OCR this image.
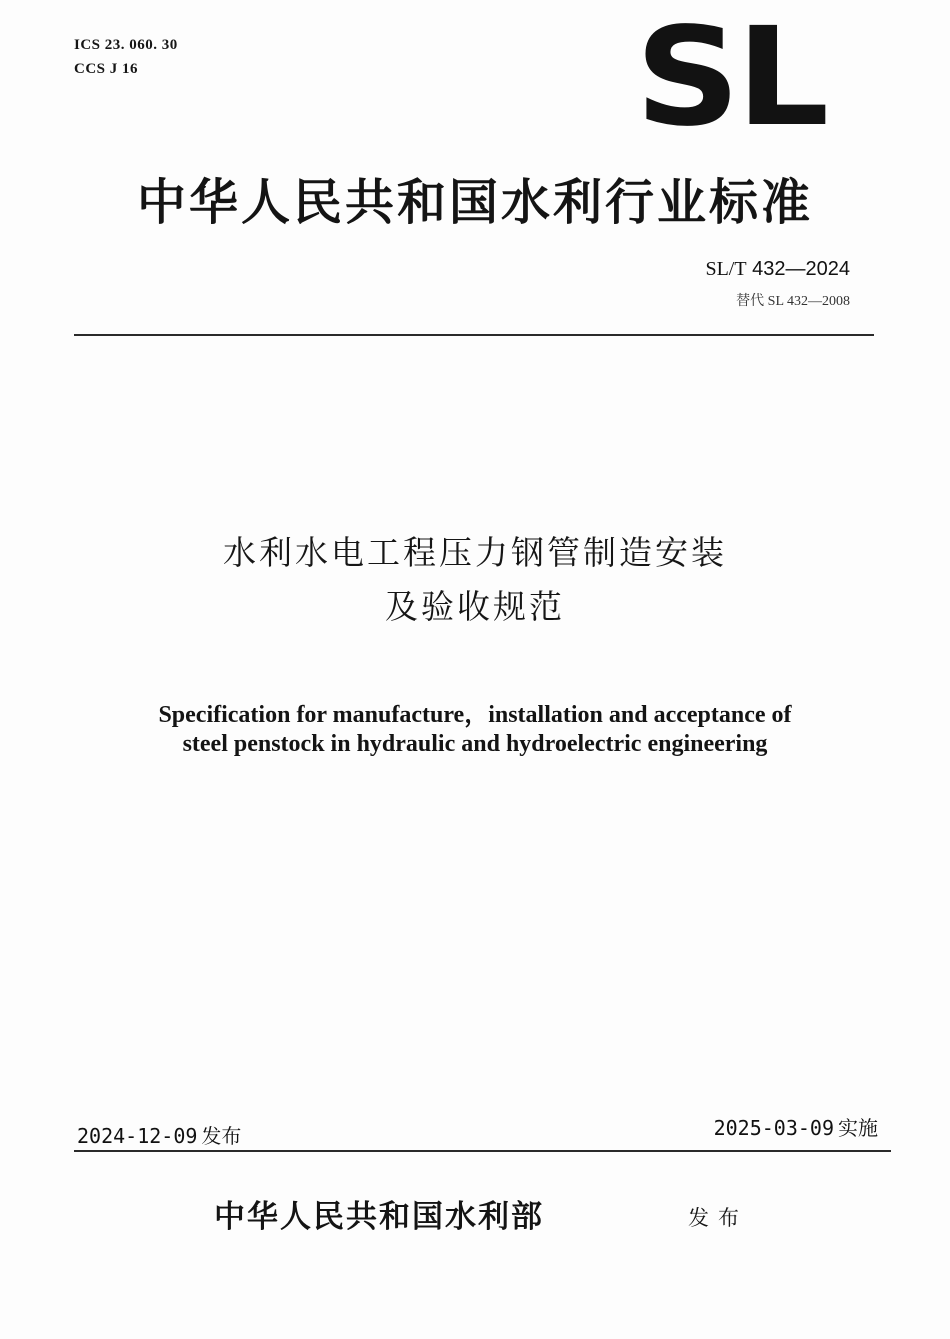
ICS 23. 060. 30
CCS J 16	SL
中华人民共和国水利行业标准
SL/T 432—2024
替代 SL 432—2008
水利水电工程压力钢管制造安装
及验收规范
Specification for manufacture，installation and acceptance of
steel penstock in hydraulic and hydroelectric engineering
2024-12-09 发布	2025-03-09 实施
中华人民共和国水利部	发布
